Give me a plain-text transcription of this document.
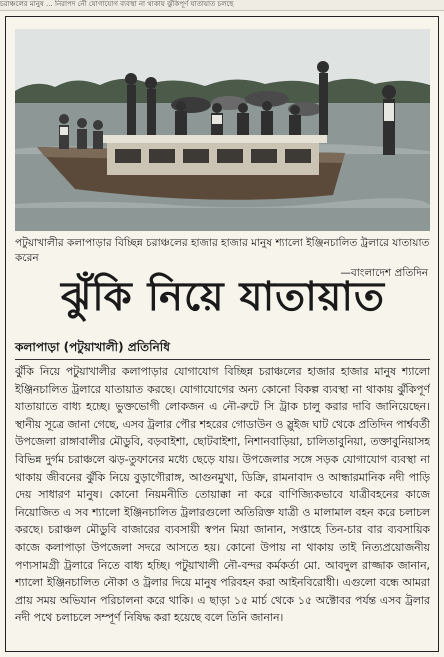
চরাঞ্চলের মানুষ ... নিরাপদ নৌ যোগাযোগ ব্যবস্থা না থাকায় ঝুঁকিপূর্ণ যাতায়াত চলছে
পটুয়াখালীর কলাপাড়ার বিচ্ছিন্ন চরাঞ্চলের হাজার হাজার মানুষ শ্যালো ইঞ্জিনচালিত ট্রলারে যাতায়াত করেন
—বাংলাদেশ প্রতিদিন
ঝুঁকি নিয়ে যাতায়াত
কলাপাড়া (পটুয়াখালী) প্রতিনিধি
ঝুঁকি নিয়ে পটুয়াখালীর কলাপাড়ার যোগাযোগ বিচ্ছিন্ন চরাঞ্চলের হাজার হাজার মানুষ শ্যালো ইঞ্জিনচালিত ট্রলারে যাতায়াত করছে। যোগাযোগের অন্য কোনো বিকল্প ব্যবস্থা না থাকায় ঝুঁকিপূর্ণ যাতায়াতে বাধ্য হচ্ছে। ভুক্তভোগী লোকজন এ নৌ-রুটে সি ট্রাক চালু করার দাবি জানিয়েছেন। স্থানীয় সূত্রে জানা গেছে, এসব ট্রলার পৌর শহরের গোডাউন ও স্লুইজ ঘাট থেকে প্রতিদিন পার্শ্ববর্তী উপজেলা রাঙ্গাবালীর মৌডুবি, বড়বাইশা, ছোটবাইশা, নিশানবাড়িয়া, চালিতাবুনিয়া, তক্তাবুনিয়াসহ বিভিন্ন দুর্গম চরাঞ্চলে ঝড়-তুফানের মধ্যে ছেড়ে যায়। উপজেলার সঙ্গে সড়ক যোগাযোগ ব্যবস্থা না থাকায় জীবনের ঝুঁকি নিয়ে বুড়াগৌরাঙ্গ, আগুনমুখা, ডিক্রি, রামনাবাদ ও আন্ধারমানিক নদী পাড়ি দেয় সাধারণ মানুষ। কোনো নিয়মনীতি তোয়াক্কা না করে বাণিজ্যিকভাবে যাত্রীবহনের কাজে নিয়োজিত এ সব শ্যালো ইঞ্জিনচালিত ট্রলারগুলো অতিরিক্ত যাত্রী ও মালামাল বহন করে চলাচল করছে। চরাঞ্চল মৌডুবি বাজারের ব্যবসায়ী স্বপন মিয়া জানান, সপ্তাহে তিন-চার বার ব্যবসায়িক কাজে কলাপাড়া উপজেলা সদরে আসতে হয়। কোনো উপায় না থাকায় তাই নিত্যপ্রয়োজনীয় পণ্যসামগ্রী ট্রলারে নিতে বাধ্য হচ্ছি। পটুয়াখালী নৌ-বন্দর কর্মকর্তা মো. আবদুল রাজ্জাক জানান, শ্যালো ইঞ্জিনচালিত নৌকা ও ট্রলার দিয়ে মানুষ পরিবহন করা আইনবিরোধী। এগুলো বন্ধে আমরা প্রায় সময় অভিযান পরিচালনা করে থাকি। এ ছাড়া ১৫ মার্চ থেকে ১৫ অক্টোবর পর্যন্ত এসব ট্রলার নদী পথে চলাচলে সম্পূর্ণ নিষিদ্ধ করা হয়েছে বলে তিনি জানান।
